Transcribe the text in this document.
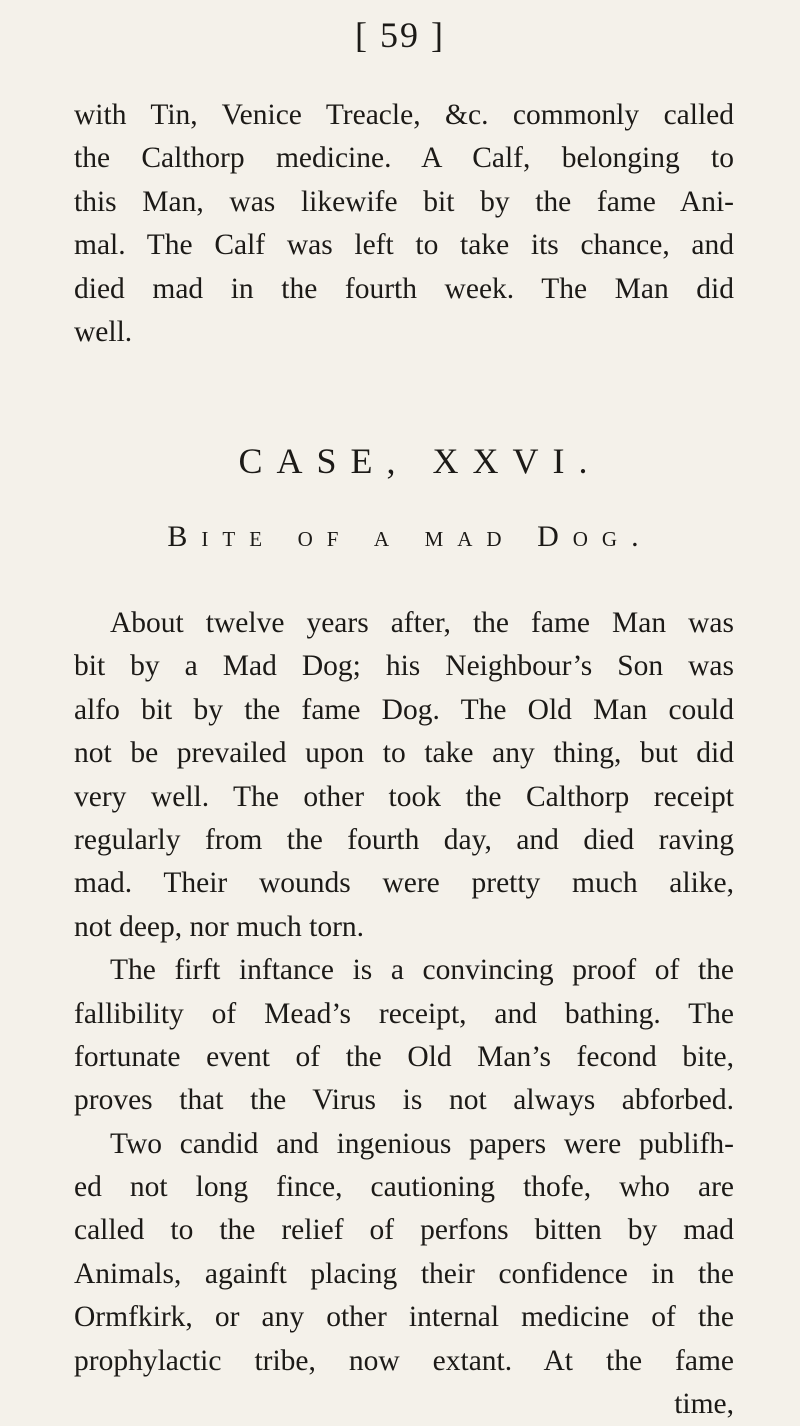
[ 59 ]
with Tin, Venice Treacle, &c. commonly called
the Calthorp medicine. A Calf, belonging to
this Man, was likewife bit by the fame Ani-
mal. The Calf was left to take its chance, and
died mad in the fourth week. The Man did
well.
CASE, XXVI.
Bite of a mad Dog.
About twelve years after, the fame Man was
bit by a Mad Dog; his Neighbour’s Son was
alfo bit by the fame Dog. The Old Man could
not be prevailed upon to take any thing, but did
very well. The other took the Calthorp receipt
regularly from the fourth day, and died raving
mad. Their wounds were pretty much alike,
not deep, nor much torn.
The firft inftance is a convincing proof of the
fallibility of Mead’s receipt, and bathing. The
fortunate event of the Old Man’s fecond bite,
proves that the Virus is not always abforbed.
Two candid and ingenious papers were publifh-
ed not long fince, cautioning thofe, who are
called to the relief of perfons bitten by mad
Animals, againft placing their confidence in the
Ormfkirk, or any other internal medicine of the
prophylactic tribe, now extant. At the fame
time,
